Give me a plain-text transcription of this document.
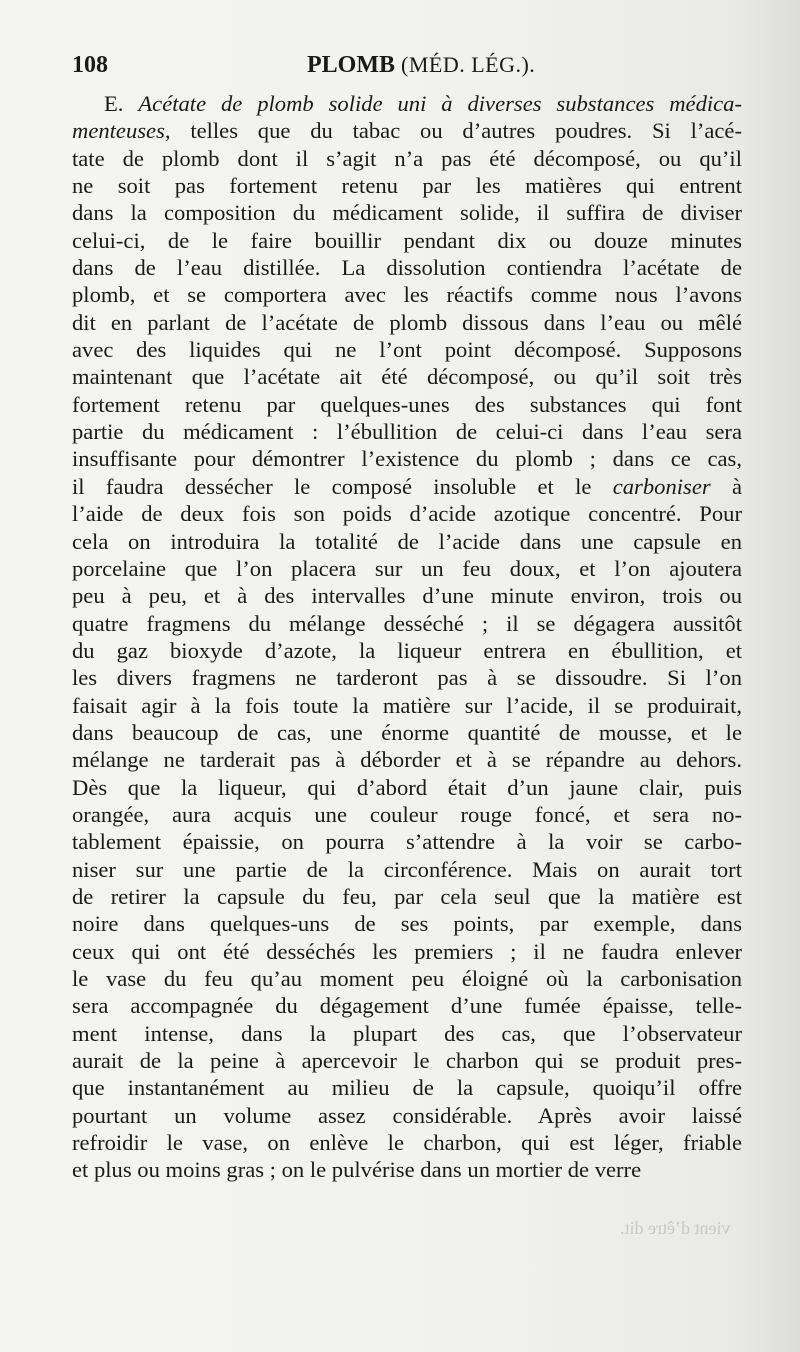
108	PLOMB (MÉD. LÉG.).
E. Acétate de plomb solide uni à diverses substances médica-
menteuses, telles que du tabac ou d’autres poudres. Si l’acé-
tate de plomb dont il s’agit n’a pas été décomposé, ou qu’il
ne soit pas fortement retenu par les matières qui entrent
dans la composition du médicament solide, il suffira de diviser
celui-ci, de le faire bouillir pendant dix ou douze minutes
dans de l’eau distillée. La dissolution contiendra l’acétate de
plomb, et se comportera avec les réactifs comme nous l’avons
dit en parlant de l’acétate de plomb dissous dans l’eau ou mêlé
avec des liquides qui ne l’ont point décomposé. Supposons
maintenant que l’acétate ait été décomposé, ou qu’il soit très
fortement retenu par quelques-unes des substances qui font
partie du médicament : l’ébullition de celui-ci dans l’eau sera
insuffisante pour démontrer l’existence du plomb ; dans ce cas,
il faudra dessécher le composé insoluble et le carboniser à
l’aide de deux fois son poids d’acide azotique concentré. Pour
cela on introduira la totalité de l’acide dans une capsule en
porcelaine que l’on placera sur un feu doux, et l’on ajoutera
peu à peu, et à des intervalles d’une minute environ, trois ou
quatre fragmens du mélange desséché ; il se dégagera aussitôt
du gaz bioxyde d’azote, la liqueur entrera en ébullition, et
les divers fragmens ne tarderont pas à se dissoudre. Si l’on
faisait agir à la fois toute la matière sur l’acide, il se produirait,
dans beaucoup de cas, une énorme quantité de mousse, et le
mélange ne tarderait pas à déborder et à se répandre au dehors.
Dès que la liqueur, qui d’abord était d’un jaune clair, puis
orangée, aura acquis une couleur rouge foncé, et sera no-
tablement épaissie, on pourra s’attendre à la voir se carbo-
niser sur une partie de la circonférence. Mais on aurait tort
de retirer la capsule du feu, par cela seul que la matière est
noire dans quelques-uns de ses points, par exemple, dans
ceux qui ont été desséchés les premiers ; il ne faudra enlever
le vase du feu qu’au moment peu éloigné où la carbonisation
sera accompagnée du dégagement d’une fumée épaisse, telle-
ment intense, dans la plupart des cas, que l’observateur
aurait de la peine à apercevoir le charbon qui se produit pres-
que instantanément au milieu de la capsule, quoiqu’il offre
pourtant un volume assez considérable. Après avoir laissé
refroidir le vase, on enlève le charbon, qui est léger, friable
et plus ou moins gras ; on le pulvérise dans un mortier de verre
vient d’être dit.
